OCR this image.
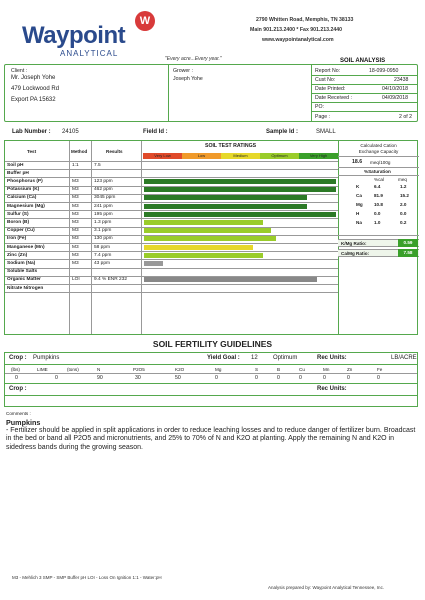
Waypoint
W
ANALYTICAL
"Every acre...Every year."
2790 Whitten Road, Memphis, TN 38133
Main 901.213.2400 * Fax 901.213.2440
www.waypointanalytical.com
SOIL ANALYSIS
Client :
Mr. Joseph Yohe
479 Lockwood Rd
Export PA 15632
Grower :
Joseph Yohe
Report No:	18-099-0950
Cust No:	23438
Date Printed:	04/10/2018
Date Received :	04/09/2018
PO:
Page :	2 of 2
Lab Number : 24105	Field Id :	Sample Id :	SMALL
Test	Method	Results
SOIL TEST RATINGS
Very Low	Low	Medium	Optimum	Very High
Soil pH	1:1	7.5
Buffer pH
Phosphorus (P)	M3	123 ppm
Potassium (K)	M3	462 ppm
Calcium (Ca)	M3	3045 ppm
Magnesium (Mg)	M3	241 ppm
Sulfur (S)	M3	195 ppm
Boron (B)	M3	1.3 ppm
Copper (Cu)	M3	3.1 ppm
Iron (Fe)	M3	130 ppm
Manganese (Mn)	M3	58 ppm
Zinc (Zn)	M3	7.4 ppm
Sodium (Na)	M3	43 ppm
Soluble Salts
Organic Matter	LOI	9.4 % ENR 232
Nitrate Nitrogen
Calculated Cation
Exchange Capacity
18.6 meq/100g
%Saturation
%cal	meq
K	6.4	1.2
Ca	81.9	15.2
Mg 10.8	2.0
H	0.0	0.0
Na	1.0	0.2
K/Mg Ratio:	0.59
Ca/Mg Ratio:	7.58
SOIL FERTILITY GUIDELINES
Crop : Pumpkins	Yield Goal : 12	Optimum	Rec Units:	LB/ACRE
(lbs)	LIME	(tons)	N	P2O5	K2O	Mg	S	B	Cu	Mn	Zn	Fe
0	0	90	30	50	0	0	0	0	0	0	0
Crop :	Rec Units:
Comments :
Pumpkins
- Fertilizer should be applied in split applications in order to reduce leaching losses and to reduce danger of fertilizer burn. Broadcast in the bed or band all P2O5 and micronutrients, and 25% to 70% of N and K2O at planting. Apply the remaining N and K2O in sidedress bands during the growing season.
M3 - Mehlich 3 SMP - SMP Buffer pH LOI - Loss On Ignition 1:1 - Water:pH
Analysis prepared by: Waypoint Analytical Tennessee, Inc.
